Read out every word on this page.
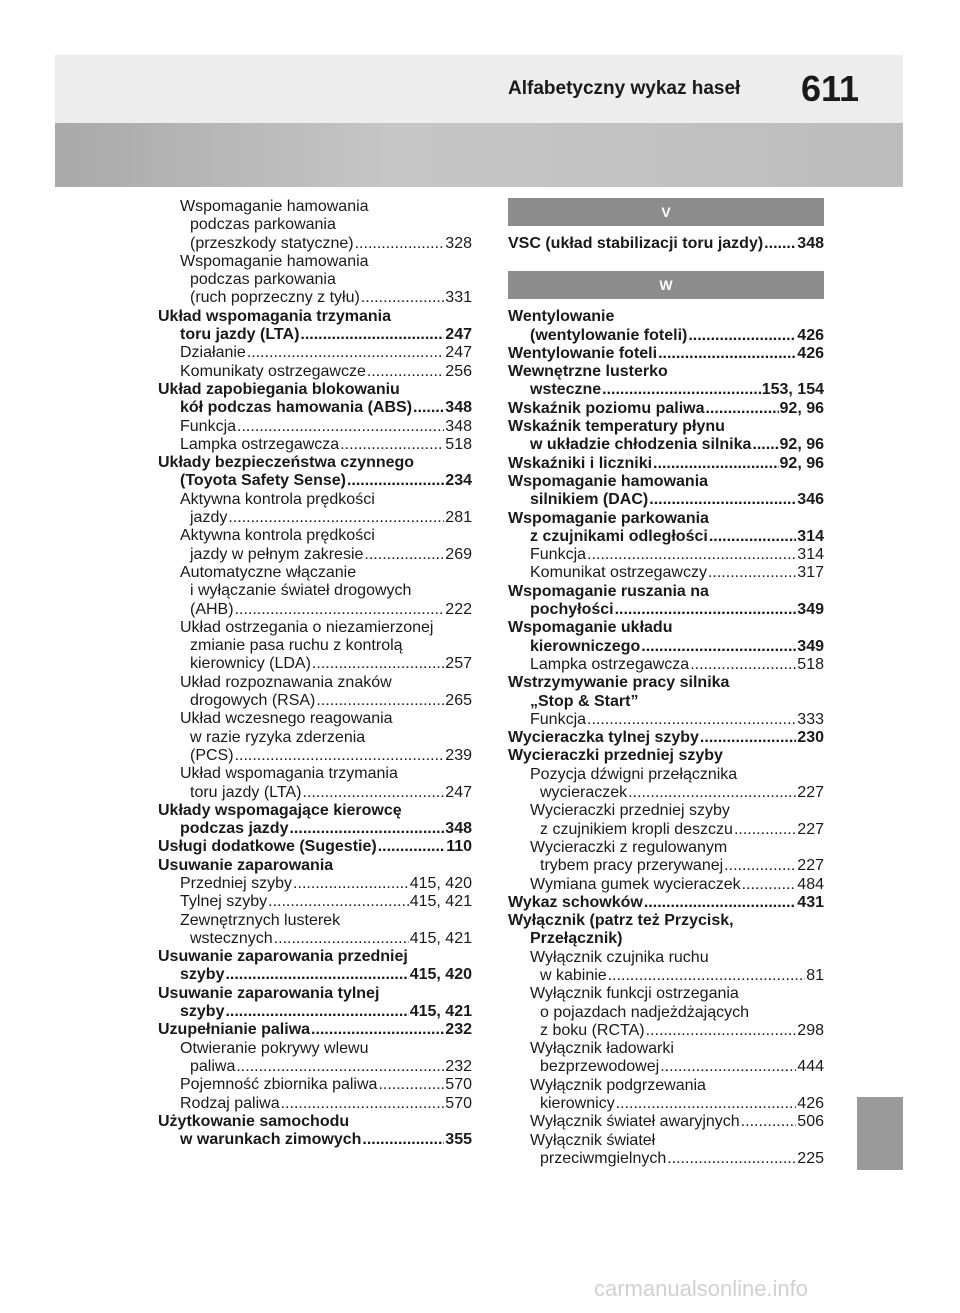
Alfabetyczny wykaz haseł 611
carmanualsonline.info
Wspomaganie hamowania
podczas parkowania
(przeszkody statyczne) .....	328
Wspomaganie hamowania
podczas parkowania
(ruch poprzeczny z tyłu) .....	331
Układ wspomagania trzymania
toru jazdy (LTA) .....	247
Działanie .....	247
Komunikaty ostrzegawcze .....	256
Układ zapobiegania blokowaniu
kół podczas hamowania (ABS) ..... 348
Funkcja .....	348
Lampka ostrzegawcza .....	518
Układy bezpieczeństwa czynnego
(Toyota Safety Sense) .....	234
Aktywna kontrola prędkości
jazdy .....	281
Aktywna kontrola prędkości
jazdy w pełnym zakresie .....	269
Automatyczne włączanie
i wyłączanie świateł drogowych
(AHB) .....	222
Układ ostrzegania o niezamierzonej
zmianie pasa ruchu z kontrolą
kierownicy (LDA) .....	257
Układ rozpoznawania znaków
drogowych (RSA) .....	265
Układ wczesnego reagowania
w razie ryzyka zderzenia
(PCS) .....	239
Układ wspomagania trzymania
toru jazdy (LTA) .....	247
Układy wspomagające kierowcę
podczas jazdy .....	348
Usługi dodatkowe (Sugestie) .....	110
Usuwanie zaparowania
Przedniej szyby .....	415, 420
Tylnej szyby .....	415, 421
Zewnętrznych lusterek
wstecznych .....	415, 421
Usuwanie zaparowania przedniej
szyby .....	415, 420
Usuwanie zaparowania tylnej
szyby .....	415, 421
Uzupełnianie paliwa .....	232
Otwieranie pokrywy wlewu
paliwa .....	232
Pojemność zbiornika paliwa .....	570
Rodzaj paliwa .....	570
Użytkowanie samochodu
w warunkach zimowych .....	355
V
VSC (układ stabilizacji toru jazdy) ..... 348
W
Wentylowanie
(wentylowanie foteli) .....	426
Wentylowanie foteli .....	426
Wewnętrzne lusterko
wsteczne .....	153, 154
Wskaźnik poziomu paliwa .....	92, 96
Wskaźnik temperatury płynu
w układzie chłodzenia silnika ..... 92, 96
Wskaźniki i liczniki .....	92, 96
Wspomaganie hamowania
silnikiem (DAC) .....	346
Wspomaganie parkowania
z czujnikami odległości .....	314
Funkcja .....	314
Komunikat ostrzegawczy .....	317
Wspomaganie ruszania na
pochyłości .....	349
Wspomaganie układu
kierowniczego .....	349
Lampka ostrzegawcza .....	518
Wstrzymywanie pracy silnika
„Stop & Start”
Funkcja .....	333
Wycieraczka tylnej szyby .....	230
Wycieraczki przedniej szyby
Pozycja dźwigni przełącznika
wycieraczek .....	227
Wycieraczki przedniej szyby
z czujnikiem kropli deszczu .....	227
Wycieraczki z regulowanym
trybem pracy przerywanej .....	227
Wymiana gumek wycieraczek .....	484
Wykaz schowków .....	431
Wyłącznik (patrz też Przycisk,
Przełącznik)
Wyłącznik czujnika ruchu
w kabinie .....	81
Wyłącznik funkcji ostrzegania
o pojazdach nadjeżdżających
z boku (RCTA) .....	298
Wyłącznik ładowarki
bezprzewodowej .....	444
Wyłącznik podgrzewania
kierownicy .....	426
Wyłącznik świateł awaryjnych .....	506
Wyłącznik świateł
przeciwmgielnych .....	225
